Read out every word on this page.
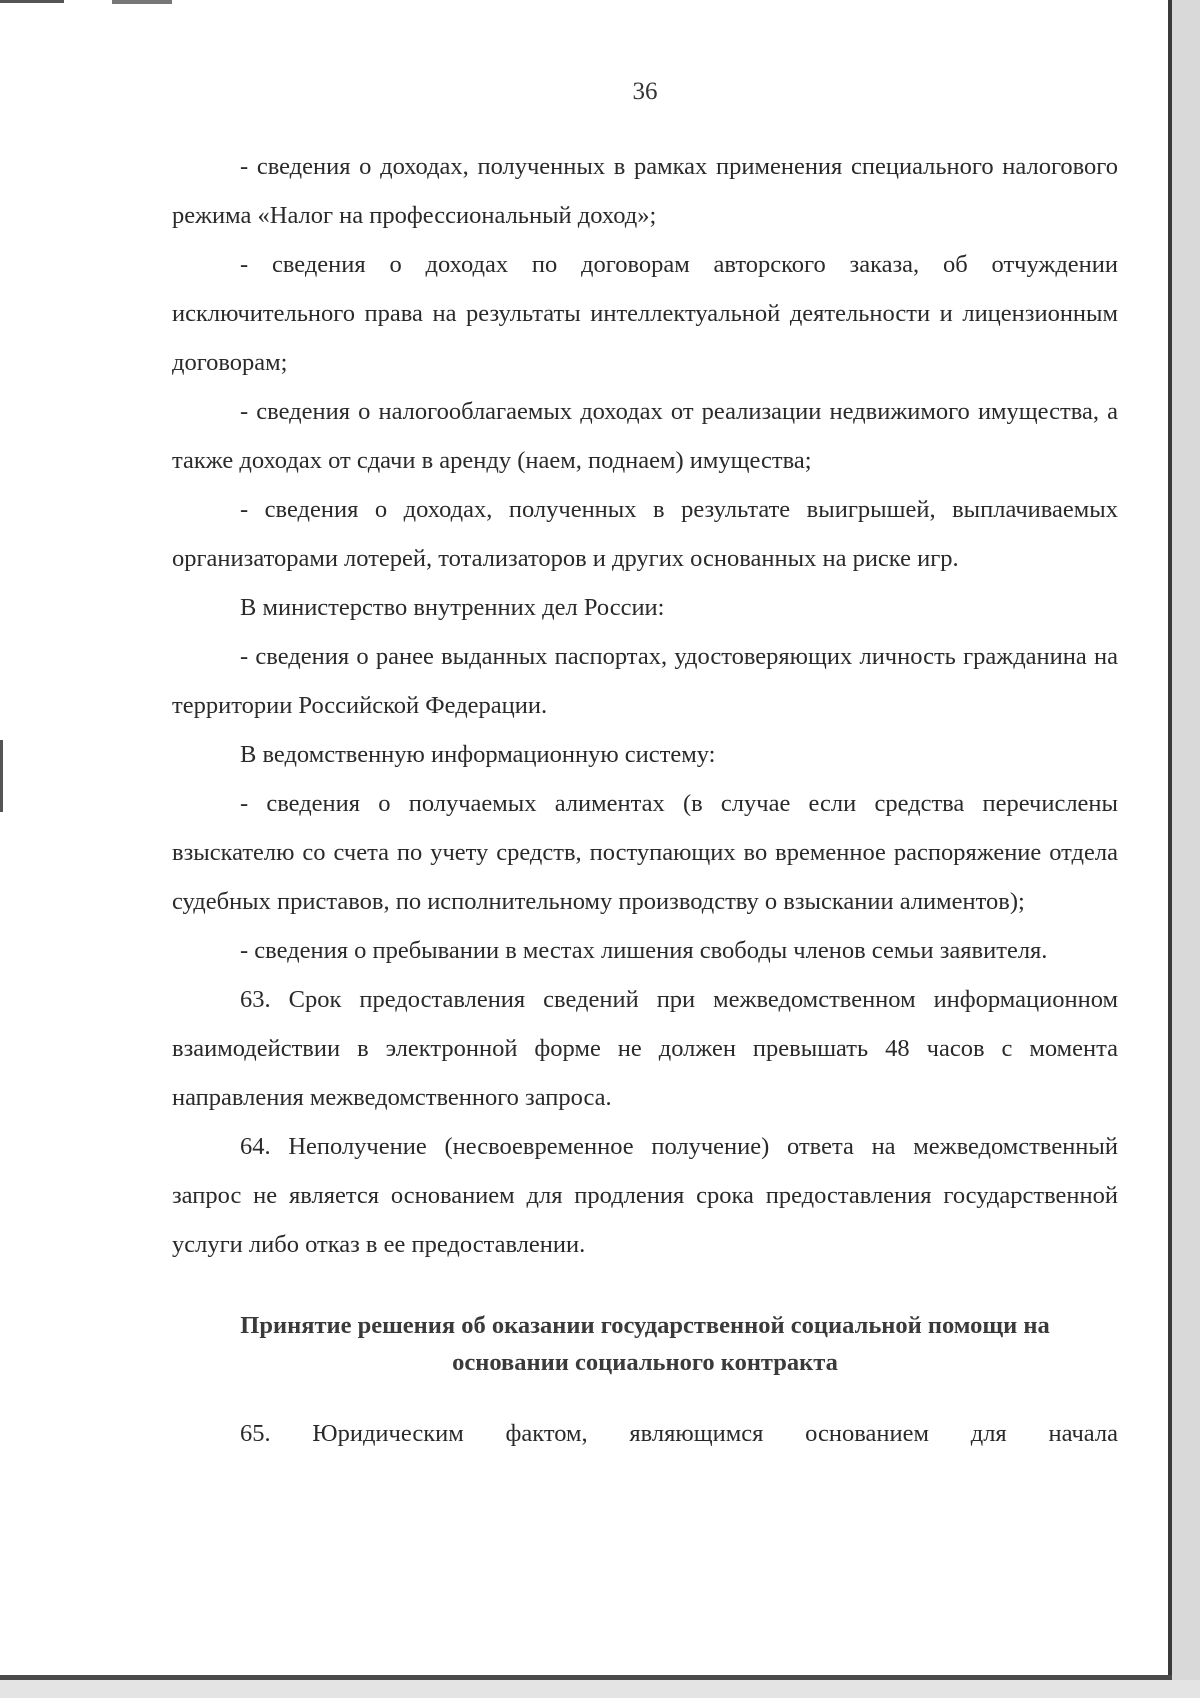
36

- сведения о доходах, полученных в рамках применения специального налогового режима «Налог на профессиональный доход»;

- сведения о доходах по договорам авторского заказа, об отчуждении исключительного права на результаты интеллектуальной деятельности и лицензионным договорам;

- сведения о налогооблагаемых доходах от реализации недвижимого имущества, а также доходах от сдачи в аренду (наем, поднаем) имущества;

- сведения о доходах, полученных в результате выигрышей, выплачиваемых организаторами лотерей, тотализаторов и других основанных на риске игр.

В министерство внутренних дел России:

- сведения о ранее выданных паспортах, удостоверяющих личность гражданина на территории Российской Федерации.

В ведомственную информационную систему:

- сведения о получаемых алиментах (в случае если средства перечислены взыскателю со счета по учету средств, поступающих во временное распоряжение отдела судебных приставов, по исполнительному производству о взыскании алиментов);

- сведения о пребывании в местах лишения свободы членов семьи заявителя.

63. Срок предоставления сведений при межведомственном информационном взаимодействии в электронной форме не должен превышать 48 часов с момента направления межведомственного запроса.

64. Неполучение (несвоевременное получение) ответа на межведомственный запрос не является основанием для продления срока предоставления государственной услуги либо отказ в ее предоставлении.

Принятие решения об оказании государственной социальной помощи на
основании социального контракта

65. Юридическим фактом, являющимся основанием для начала
